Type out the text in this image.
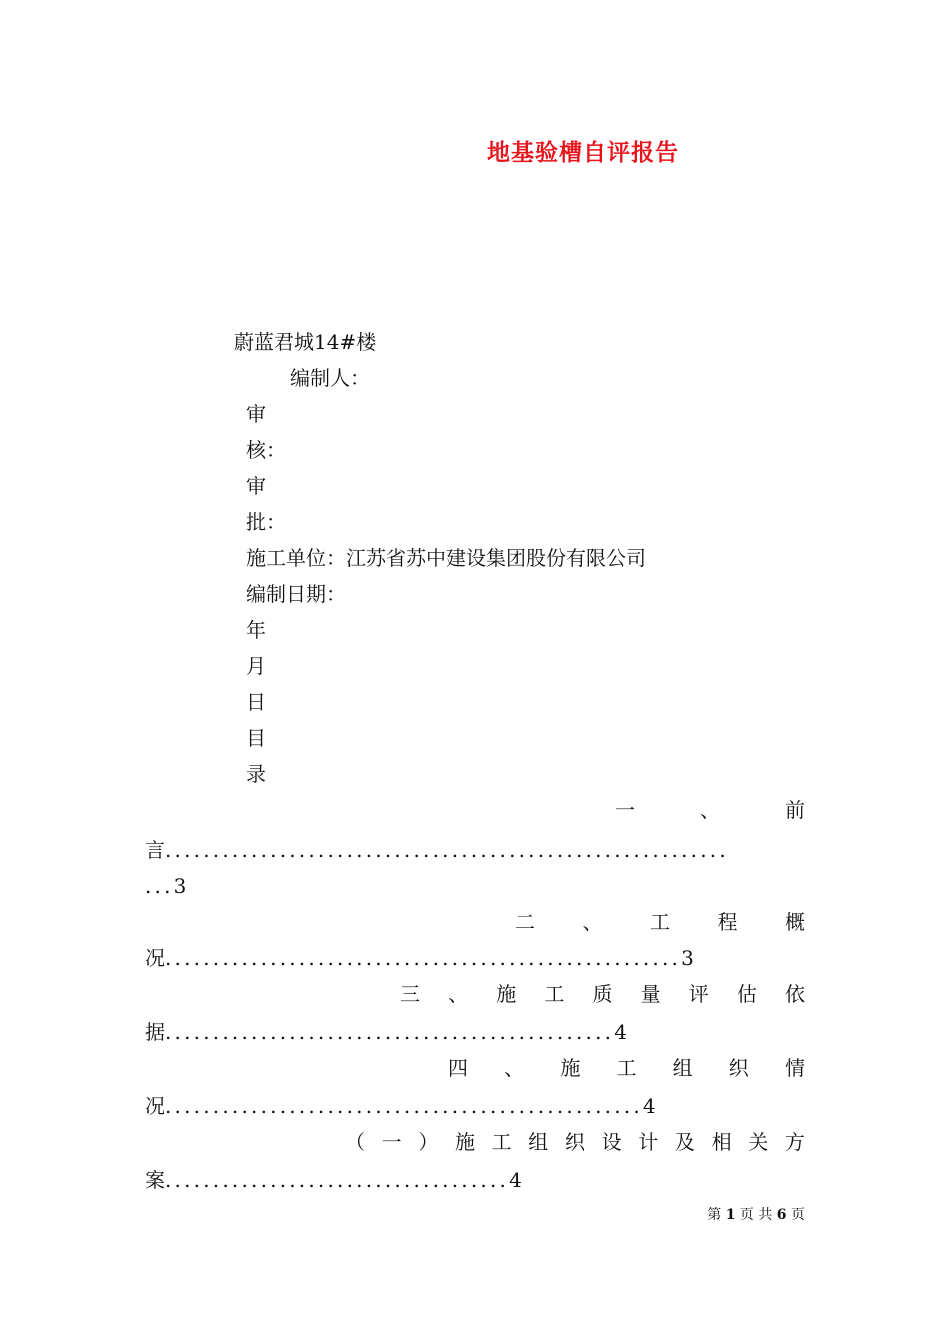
地基验槽自评报告
蔚蓝君城14#楼
编制人：
审
核：
审
批：
施工单位：江苏省苏中建设集团股份有限公司
编制日期：
年
月
日
目
录
一	、	前
言...........................................................
...3
二 、 工 程 概
况......................................................3
三 、 施 工 质 量 评 估 依
据...............................................4
四 、 施 工 组 织 情
况..................................................4
（ 一 ） 施 工 组 织 设 计 及 相 关 方
案....................................4
第 1 页 共 6 页
